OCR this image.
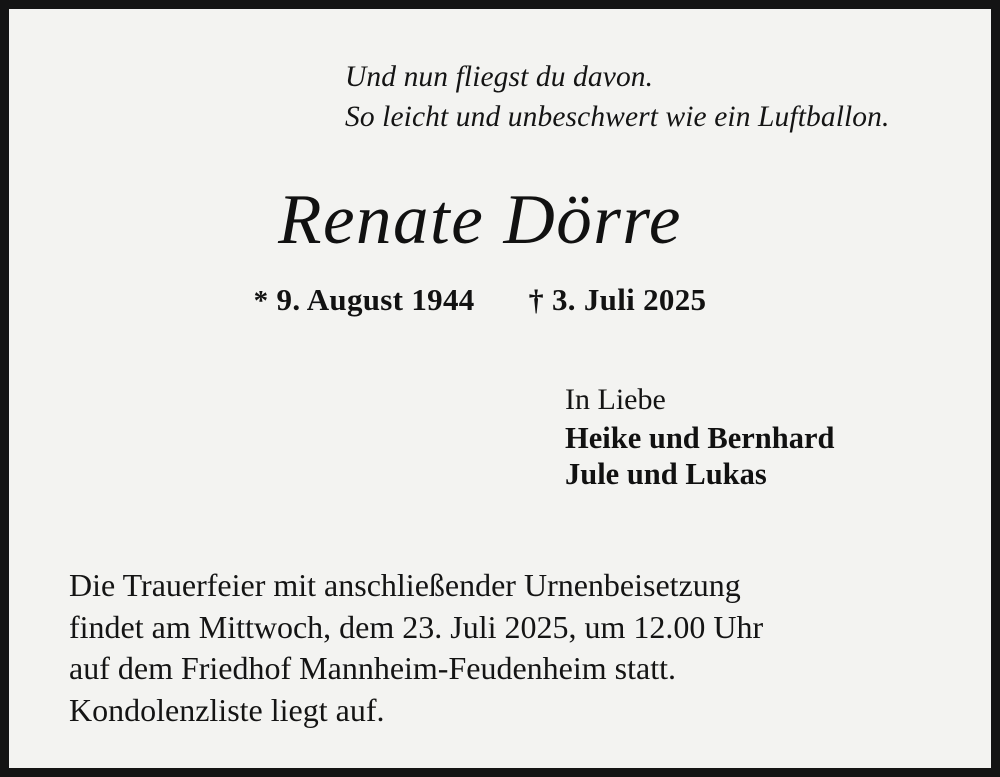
Und nun fliegst du davon.
So leicht und unbeschwert wie ein Luftballon.
Renate Dörre
* 9. August 1944 † 3. Juli 2025
In Liebe
Heike und Bernhard
Jule und Lukas
Die Trauerfeier mit anschließender Urnenbeisetzung
findet am Mittwoch, dem 23. Juli 2025, um 12.00 Uhr
auf dem Friedhof Mannheim-Feudenheim statt.
Kondolenzliste liegt auf.
